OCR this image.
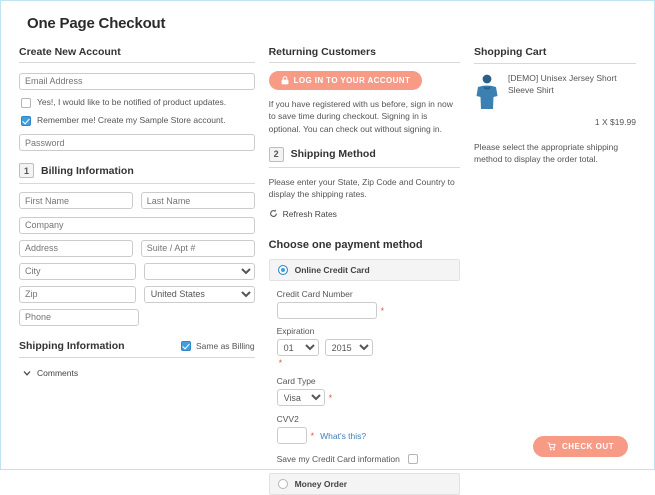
One Page Checkout
Create New Account
Email Address
Yes!, I would like to be notified of product updates.
Remember me! Create my Sample Store account.
1	Billing Information
First Name
Last Name
Company
Address
Suite / Apt #
City
Zip
United States
Phone
Shipping Information	Same as Billing
Comments
Returning Customers
LOG IN TO YOUR ACCOUNT

If you have registered with us before, sign in now to save time during checkout. Signing in is optional. You can check out without signing in.

2	Shipping Method

Please enter your State, Zip Code and Country to display the shipping rates.

Refresh Rates
Choose one payment method
Online Credit Card
Credit Card Number
*
Expiration
01
2015
*
Card Type
Visa
*
CVV2
* What's this?
Save my Credit Card information
Money Order
Shopping Cart
[DEMO] Unisex Jersey Short Sleeve Shirt
1 X $19.99
Please select the appropriate shipping method to display the order total.
CHECK OUT
